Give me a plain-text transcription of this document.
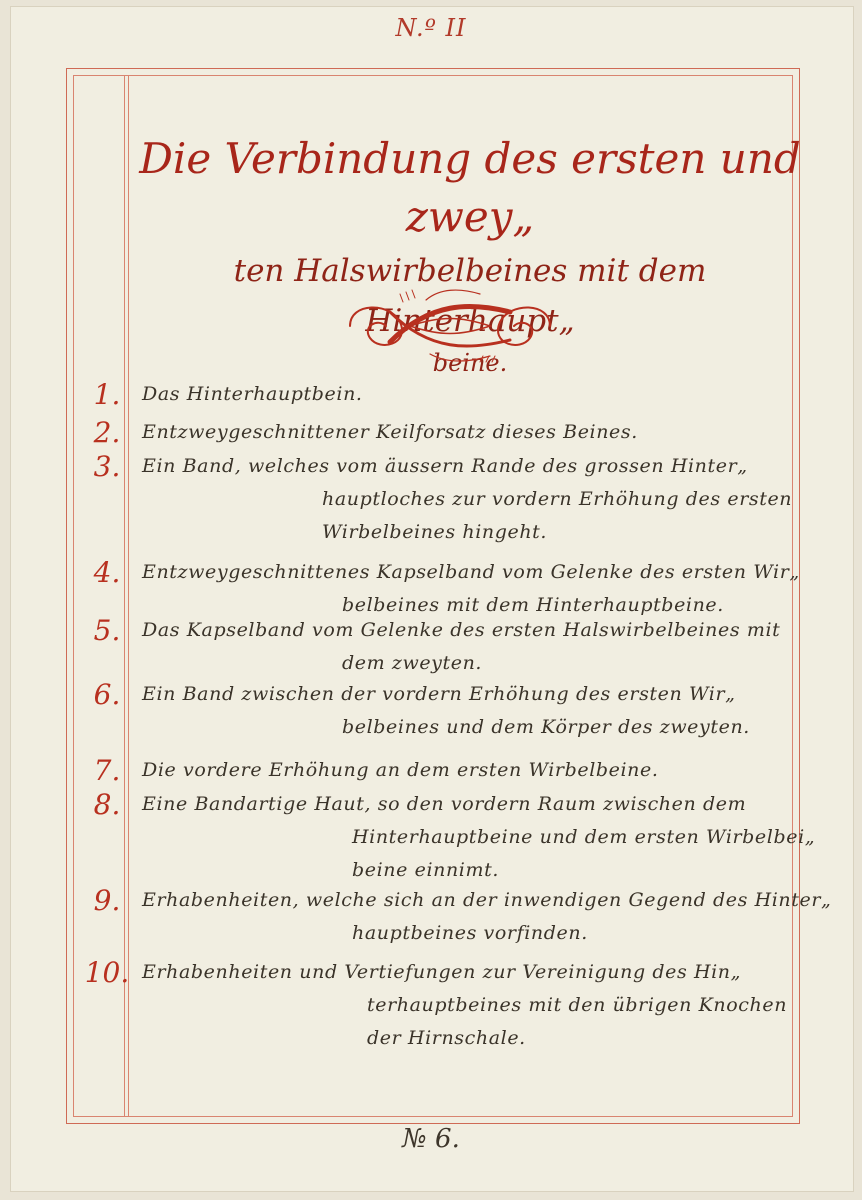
N.º II
Die Verbindung des ersten und zwey„
ten Halswirbelbeines mit dem Hinterhaupt„
beine.
1.	Das Hinterhauptbein.
2.	Entzweygeschnittener Keilforsatz dieses Beines.
3.	Ein Band, welches vom äussern Rande des grossen Hinter„
hauptloches zur vordern Erhöhung des ersten
Wirbelbeines hingeht.
4.	Entzweygeschnittenes Kapselband vom Gelenke des ersten Wir„
belbeines mit dem Hinterhauptbeine.
5.	Das Kapselband vom Gelenke des ersten Halswirbelbeines mit
dem zweyten.
6.	Ein Band zwischen der vordern Erhöhung des ersten Wir„
belbeines und dem Körper des zweyten.
7.	Die vordere Erhöhung an dem ersten Wirbelbeine.
8.	Eine Bandartige Haut, so den vordern Raum zwischen dem
Hinterhauptbeine und dem ersten Wirbelbei„
beine einnimt.
9.	Erhabenheiten, welche sich an der inwendigen Gegend des Hinter„
hauptbeines vorfinden.
10. Erhabenheiten und Vertiefungen zur Vereinigung des Hin„
terhauptbeines mit den übrigen Knochen
der Hirnschale.
№ 6.
